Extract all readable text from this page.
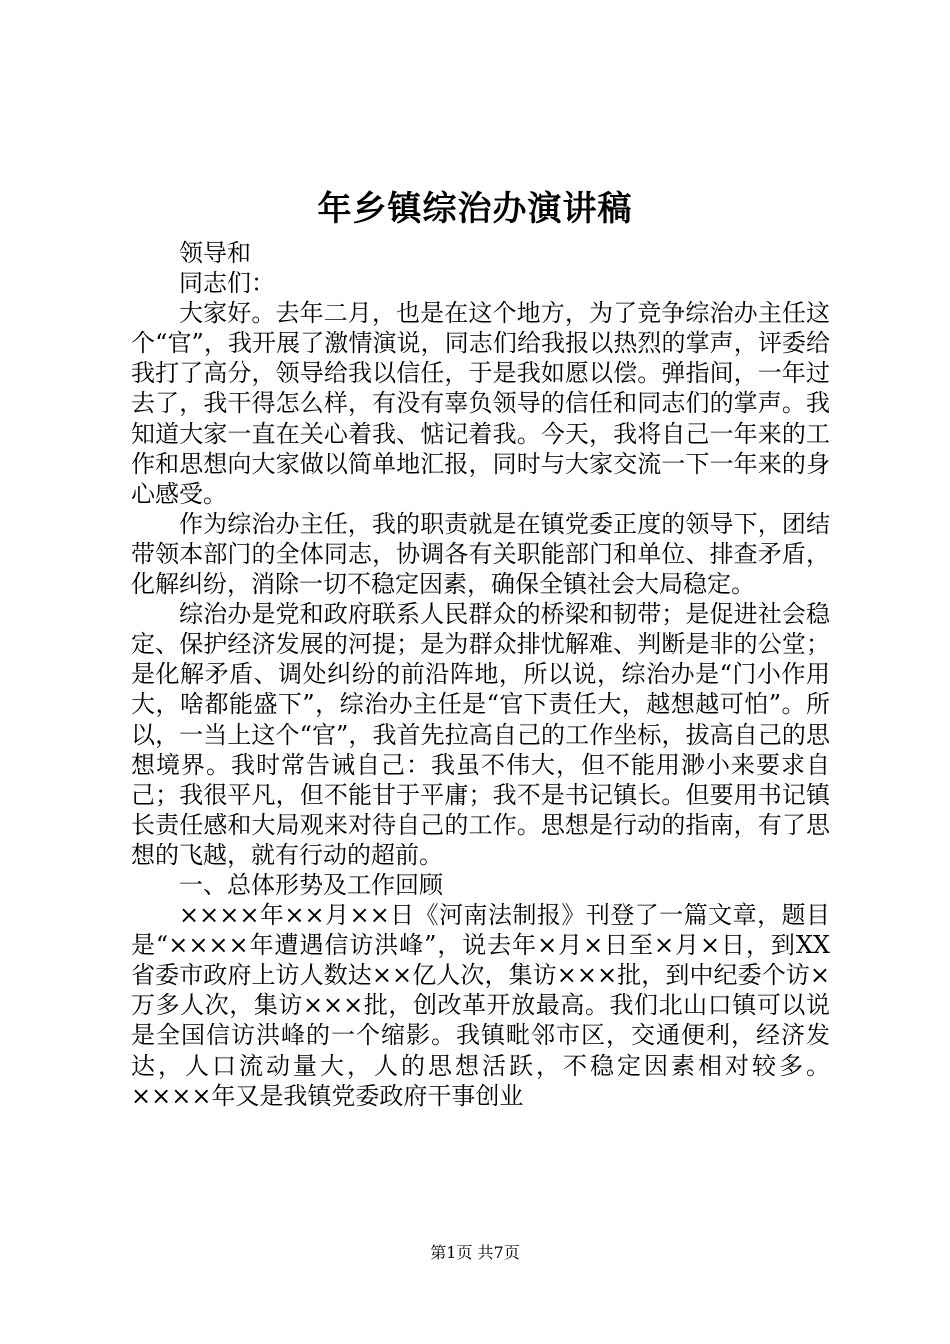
年乡镇综治办演讲稿
领导和
同志们：

大家好。去年二月，也是在这个地方，为了竞争综治办主任这个“官”，我开展了激情演说，同志们给我报以热烈的掌声，评委给我打了高分，领导给我以信任，于是我如愿以偿。弹指间，一年过去了，我干得怎么样，有没有辜负领导的信任和同志们的掌声。我知道大家一直在关心着我、惦记着我。今天，我将自己一年来的工作和思想向大家做以简单地汇报，同时与大家交流一下一年来的身心感受。

作为综治办主任，我的职责就是在镇党委正度的领导下，团结带领本部门的全体同志，协调各有关职能部门和单位、排查矛盾，化解纠纷，消除一切不稳定因素，确保全镇社会大局稳定。

综治办是党和政府联系人民群众的桥梁和韧带；是促进社会稳定、保护经济发展的河提；是为群众排忧解难、判断是非的公堂；是化解矛盾、调处纠纷的前沿阵地，所以说，综治办是“门小作用大，啥都能盛下”，综治办主任是“官下责任大，越想越可怕”。所以，一当上这个“官”，我首先拉高自己的工作坐标，拔高自己的思想境界。我时常告诫自己：我虽不伟大，但不能用渺小来要求自己；我很平凡，但不能甘于平庸；我不是书记镇长。但要用书记镇长责任感和大局观来对待自己的工作。思想是行动的指南，有了思想的飞越，就有行动的超前。

一、总体形势及工作回顾

××××年××月××日《河南法制报》刊登了一篇文章，题目是“××××年遭遇信访洪峰”，说去年×月×日至×月×日，到XX省委市政府上访人数达××亿人次，集访×××批，到中纪委个访×万多人次，集访×××批，创改革开放最高。我们北山口镇可以说是全国信访洪峰的一个缩影。我镇毗邻市区，交通便利，经济发达，人口流动量大，人的思想活跃，不稳定因素相对较多。××××年又是我镇党委政府干事创业

第1页 共7页
